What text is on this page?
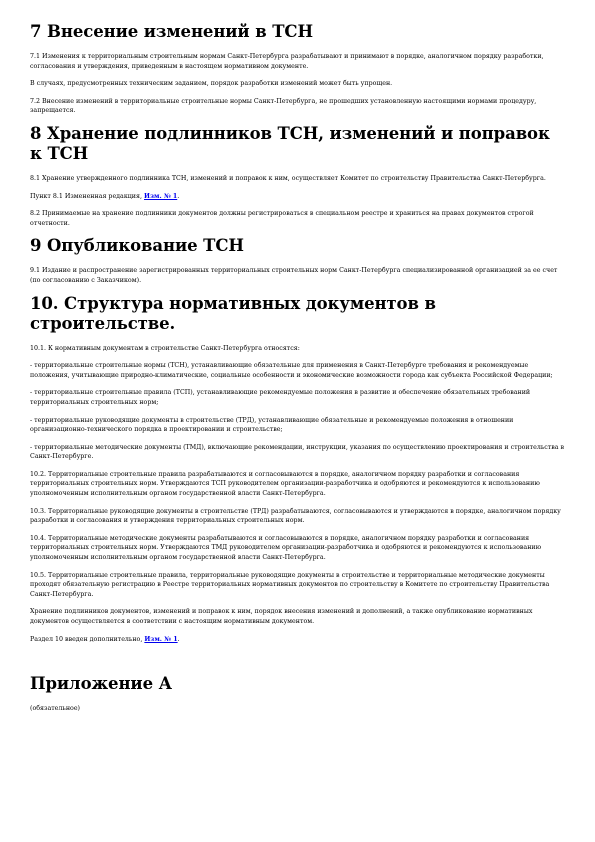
7 Внесение изменений в ТСН

7.1 Изменения к территориальным строительным нормам Санкт-Петербурга разрабатывают и принимают в порядке, аналогичном порядку разработки, согласования и утверждения, приведенным в настоящем нормативном документе.

В случаях, предусмотренных техническим заданием, порядок разработки изменений может быть упрощен.

7.2 Внесение изменений в территориальные строительные нормы Санкт-Петербурга, не прошедших установленную настоящими нормами процедуру, запрещается.

8 Хранение подлинников ТСН, изменений и поправок к ТСН

8.1 Хранение утвержденного подлинника ТСН, изменений и поправок к ним, осуществляет Комитет по строительству Правительства Санкт-Петербурга.

Пункт 8.1 Измененная редакция, Изм. № 1.

8.2 Принимаемые на хранение подлинники документов должны регистрироваться в специальном реестре и храниться на правах документов строгой отчетности.

9 Опубликование ТСН

9.1 Издание и распространение зарегистрированных территориальных строительных норм Санкт-Петербурга специализированной организацией за ее счет (по согласованию с Заказчиком).

10. Структура нормативных документов в строительстве.

10.1. К нормативным документам в строительстве Санкт-Петербурга относятся:

- территориальные строительные нормы (ТСН), устанавливающие обязательные для применения в Санкт-Петербурге требования и рекомендуемые положения, учитывающие природно-климатические, социальные особенности и экономические возможности города как субъекта Российской Федерации;

- территориальные строительные правила (ТСП), устанавливающие рекомендуемые положения в развитие и обеспечение обязательных требований территориальных строительных норм;

- территориальные руководящие документы в строительстве (ТРД), устанавливающие обязательные и рекомендуемые положения в отношении организационно-технического порядка в проектировании и строительстве;

- территориальные методические документы (ТМД), включающие рекомендации, инструкции, указания по осуществлению проектирования и строительства в Санкт-Петербурге.

10.2. Территориальные строительные правила разрабатываются и согласовываются в порядке, аналогичном порядку разработки и согласования территориальных строительных норм. Утверждаются ТСП руководителем организации-разработчика и одобряются и рекомендуются к использованию уполномоченным исполнительным органом государственной власти Санкт-Петербурга.

10.3. Территориальные руководящие документы в строительстве (ТРД) разрабатываются, согласовываются и утверждаются в порядке, аналогичном порядку разработки и согласования и утверждения территориальных строительных норм.

10.4. Территориальные методические документы разрабатываются и согласовываются в порядке, аналогичном порядку разработки и согласования территориальных строительных норм. Утверждаются ТМД руководителем организации-разработчика и одобряются и рекомендуются к использованию уполномоченным исполнительным органом государственной власти Санкт-Петербурга.

10.5. Территориальные строительные правила, территориальные руководящие документы в строительстве и территориальные методические документы проходят обязательную регистрацию в Реестре территориальных нормативных документов по строительству в Комитете по строительству Правительства Санкт-Петербурга.

Хранение подлинников документов, изменений и поправок к ним, порядок внесения изменений и дополнений, а также опубликование нормативных документов осуществляется в соответствии с настоящим нормативным документом.

Раздел 10 введен дополнительно, Изм. № 1.

Приложение А

(обязательное)
